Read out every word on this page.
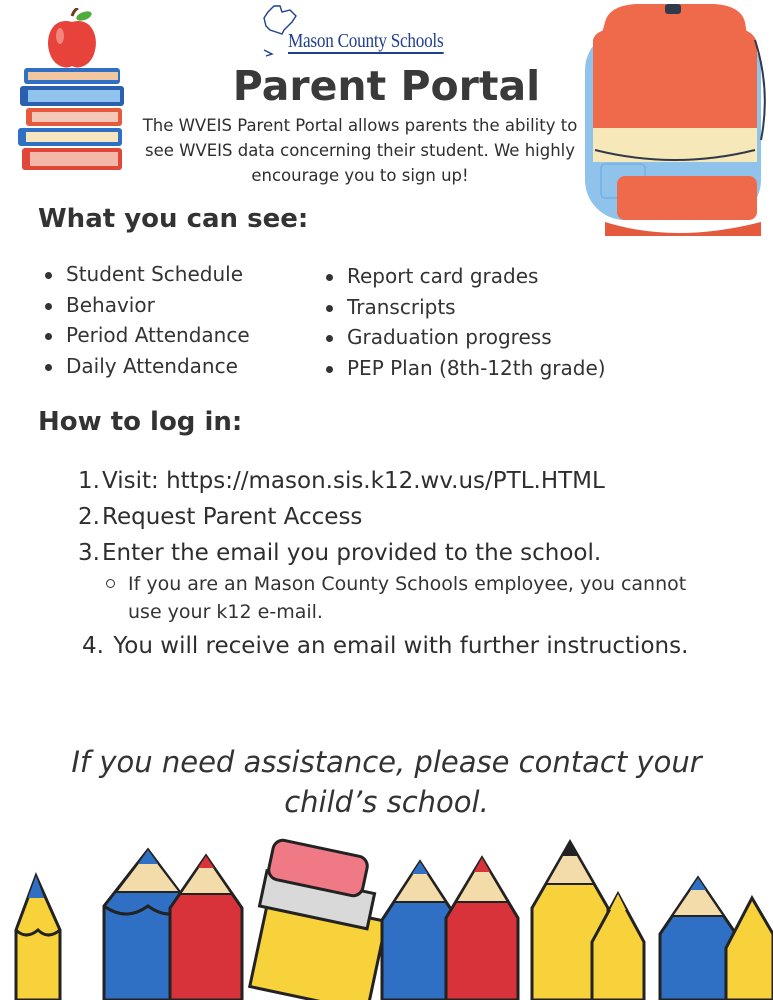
Mason County Schools
Parent Portal

The WVEIS Parent Portal allows parents the ability to see WVEIS data concerning their student. We highly encourage you to sign up!

What you can see:
Student Schedule
Behavior
Period Attendance
Daily Attendance
Report card grades
Transcripts
Graduation progress
PEP Plan (8th-12th grade)
How to log in:

1.Visit: https://mason.sis.k12.wv.us/PTL.HTML

2.Request Parent Access

3.Enter the email you provided to the school.

If you are an Mason County Schools employee, you cannot use your k12 e-mail.

4. You will receive an email with further instructions.

If you need assistance, please contact your child’s school.
